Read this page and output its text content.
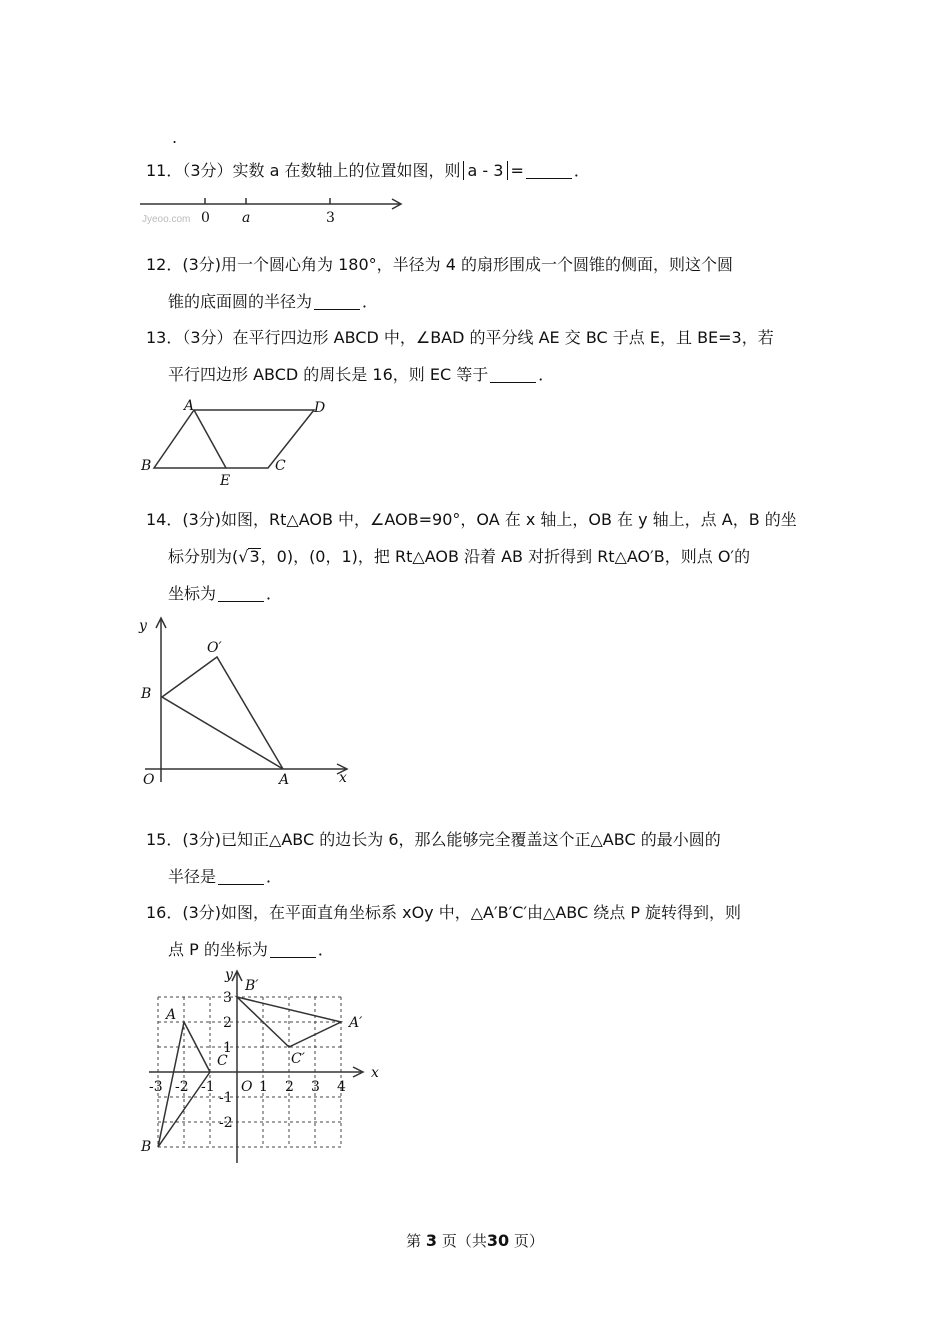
.
11．（3分）实数 a 在数轴上的位置如图，则 a - 3 =	．
Jyeoo.com 0 a	3
12．(3分)用一个圆心角为 180°，半径为 4 的扇形围成一个圆锥的侧面，则这个圆
锥的底面圆的半径为	．
13．（3分）在平行四边形 ABCD 中，∠BAD 的平分线 AE 交 BC 于点 E，且 BE=3，若
平行四边形 ABCD 的周长是 16，则 EC 等于	．
A	D
B
E
C
14．(3分)如图，Rt△AOB 中，∠AOB=90°，OA 在 x 轴上，OB 在 y 轴上，点 A，B 的坐
标分别为(√3，0)，(0，1)，把 Rt△AOB 沿着 AB 对折得到 Rt△AO′B，则点 O′的
坐标为	．
y
O′
B
O	A	x
15．(3分)已知正△ABC 的边长为 6，那么能够完全覆盖这个正△ABC 的最小圆的
半径是	．
16．(3分)如图，在平面直角坐标系 xOy 中，△A′B′C′由△ABC 绕点 P 旋转得到，则
点 P 的坐标为	．
x
y
O
-3 -2 -1	1 2 3 4
3
2
1
-1
-2
A
B
C
A′
B′
C′
第 3 页（共30 页）
